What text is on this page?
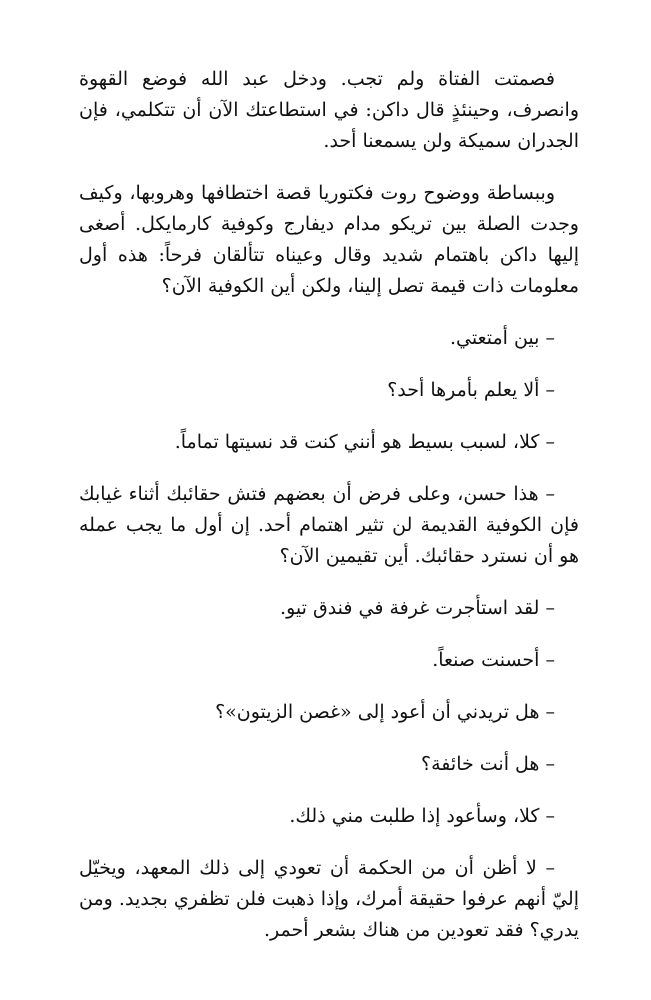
فصمتت الفتاة ولم تجب. ودخل عبد الله فوضع القهوة وانصرف، وحينئذٍ قال داكن: في استطاعتك الآن أن تتكلمي، فإن الجدران سميكة ولن يسمعنا أحد.

وببساطة ووضوح روت فكتوريا قصة اختطافها وهروبها، وكيف وجدت الصلة بين تريكو مدام ديفارج وكوفية كارمايكل. أصغى إليها داكن باهتمام شديد وقال وعيناه تتألقان فرحاً: هذه أول معلومات ذات قيمة تصل إلينا، ولكن أين الكوفية الآن؟

– بين أمتعتي.

– ألا يعلم بأمرها أحد؟

– كلا، لسبب بسيط هو أنني كنت قد نسيتها تماماً.

– هذا حسن، وعلى فرض أن بعضهم فتش حقائبك أثناء غيابك فإن الكوفية القديمة لن تثير اهتمام أحد. إن أول ما يجب عمله هو أن نسترد حقائبك. أين تقيمين الآن؟

– لقد استأجرت غرفة في فندق تيو.

– أحسنت صنعاً.

– هل تريدني أن أعود إلى «غصن الزيتون»؟

– هل أنت خائفة؟

– كلا، وسأعود إذا طلبت مني ذلك.

– لا أظن أن من الحكمة أن تعودي إلى ذلك المعهد، ويخيّل إليّ أنهم عرفوا حقيقة أمرك، وإذا ذهبت فلن تظفري بجديد. ومن يدري؟ فقد تعودين من هناك بشعر أحمر.
